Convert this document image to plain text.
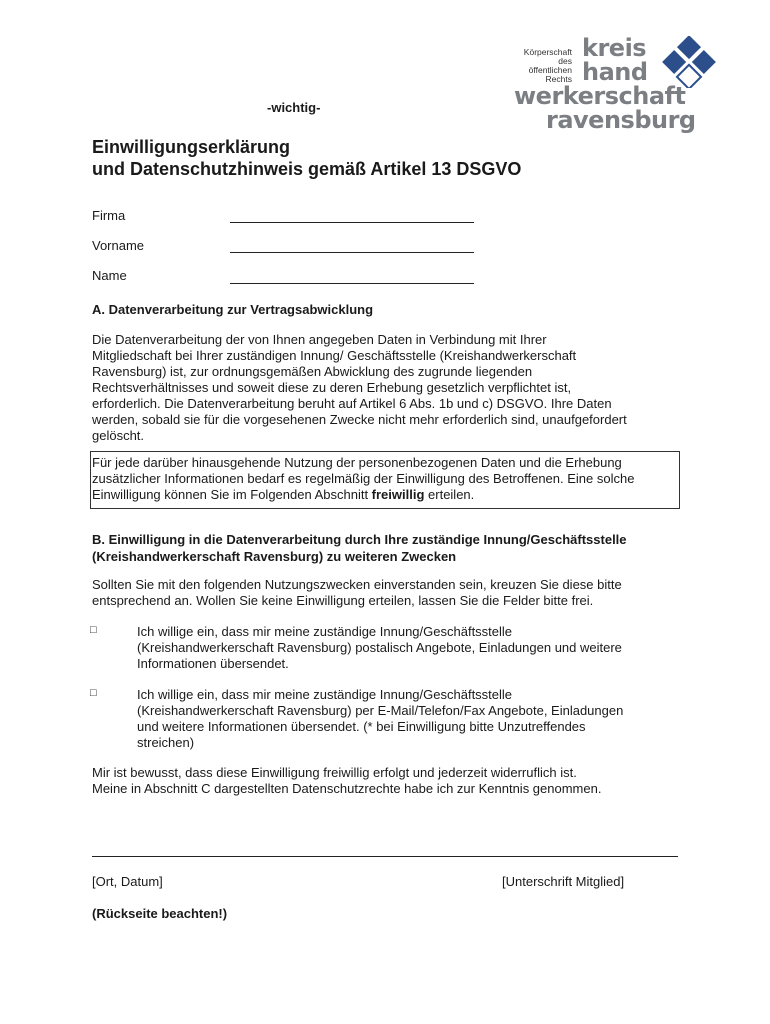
Körperschaft
des
öffentlichen
Rechts
kreis
hand
werkerschaft
ravensburg
-wichtig-
Einwilligungserklärung
und Datenschutzhinweis gemäß Artikel 13 DSGVO
Firma
Vorname
Name
A. Datenverarbeitung zur Vertragsabwicklung
Die Datenverarbeitung der von Ihnen angegeben Daten in Verbindung mit Ihrer
Mitgliedschaft bei Ihrer zuständigen Innung/ Geschäftsstelle (Kreishandwerkerschaft
Ravensburg) ist, zur ordnungsgemäßen Abwicklung des zugrunde liegenden
Rechtsverhältnisses und soweit diese zu deren Erhebung gesetzlich verpflichtet ist,
erforderlich. Die Datenverarbeitung beruht auf Artikel 6 Abs. 1b und c) DSGVO. Ihre Daten
werden, sobald sie für die vorgesehenen Zwecke nicht mehr erforderlich sind, unaufgefordert
gelöscht.
Für jede darüber hinausgehende Nutzung der personenbezogenen Daten und die Erhebung
zusätzlicher Informationen bedarf es regelmäßig der Einwilligung des Betroffenen. Eine solche
Einwilligung können Sie im Folgenden Abschnitt freiwillig erteilen.
B. Einwilligung in die Datenverarbeitung durch Ihre zuständige Innung/Geschäftsstelle
(Kreishandwerkerschaft Ravensburg) zu weiteren Zwecken
Sollten Sie mit den folgenden Nutzungszwecken einverstanden sein, kreuzen Sie diese bitte
entsprechend an. Wollen Sie keine Einwilligung erteilen, lassen Sie die Felder bitte frei.
□	Ich willige ein, dass mir meine zuständige Innung/Geschäftsstelle
(Kreishandwerkerschaft Ravensburg) postalisch Angebote, Einladungen und weitere
Informationen übersendet.
□	Ich willige ein, dass mir meine zuständige Innung/Geschäftsstelle
(Kreishandwerkerschaft Ravensburg) per E-Mail/Telefon/Fax Angebote, Einladungen
und weitere Informationen übersendet. (* bei Einwilligung bitte Unzutreffendes
streichen)
Mir ist bewusst, dass diese Einwilligung freiwillig erfolgt und jederzeit widerruflich ist.
Meine in Abschnitt C dargestellten Datenschutzrechte habe ich zur Kenntnis genommen.
[Ort, Datum]	[Unterschrift Mitglied]
(Rückseite beachten!)
